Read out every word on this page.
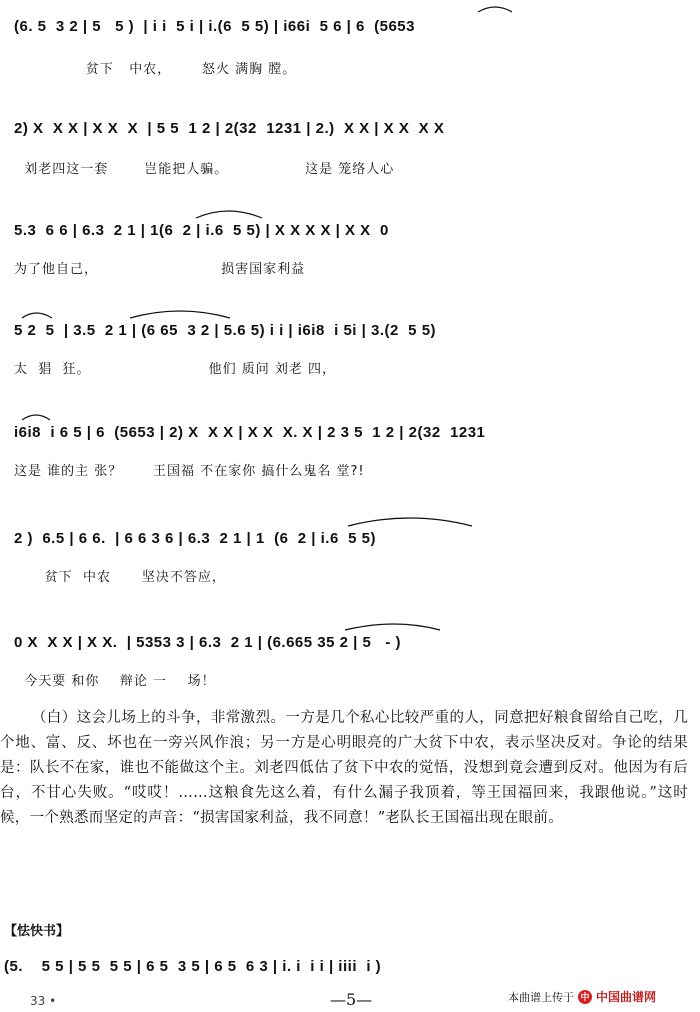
(6. 5  3 2 | 5   5 )  | i i  5 i | i.(6  5 5) | i66i  5 6 | 6  (5653
贫下   中农，      怒火 满胸 膛。
2) X  X X | X X  X  | 5 5  1 2 | 2(32  1231 | 2.)  X X | X X  X X
刘老四这一套       岂能把人骗。               这是 笼络人心
5.3  6 6 | 6.3  2 1 | 1(6  2 | i.6  5 5) | X X X X | X X  0
为了他自己，                        损害国家利益
5 2  5  | 3.5  2 1 | (6 65  3 2 | 5.6 5) i i | i6i8  i 5i | 3.(2  5 5)
太  猖  狂。                       他们 质问 刘老 四，
i6i8  i 6 5 | 6  (5653 | 2) X  X X | X X  X. X | 2 3 5  1 2 | 2(32  1231
这是 谁的主 张？      王国福 不在家你 搞什么鬼名 堂?!
2 )  6.5 | 6 6.  | 6 6 3 6 | 6.3  2 1 | 1  (6  2 | i.6  5 5)
贫下  中农      坚决不答应，
0 X  X X | X X.  | 5353 3 | 6.3  2 1 | (6.665 35 2 | 5   - )
今天要 和你    辩论 一    场！
（白）这会儿场上的斗争，非常激烈。一方是几个私心比较严重的人，同意把好粮食留给自己吃，几个地、富、反、坏也在一旁兴风作浪；另一方是心明眼亮的广大贫下中农，表示坚决反对。争论的结果是：队长不在家，谁也不能做这个主。刘老四低估了贫下中农的觉悟，没想到竟会遭到反对。他因为有后台，不甘心失败。“哎哎！……这粮食先这么着，有什么漏子我顶着，等王国福回来，我跟他说。”这时候，一个熟悉而坚定的声音：“损害国家利益，我不同意！”老队长王国福出现在眼前。
【怯快书】
(5.    5 5 | 5 5  5 5 | 6 5  3 5 | 6 5  6 3 | i. i  i i | iiii  i )
33 •	—5—	本曲谱上传于 中 中国曲谱网
